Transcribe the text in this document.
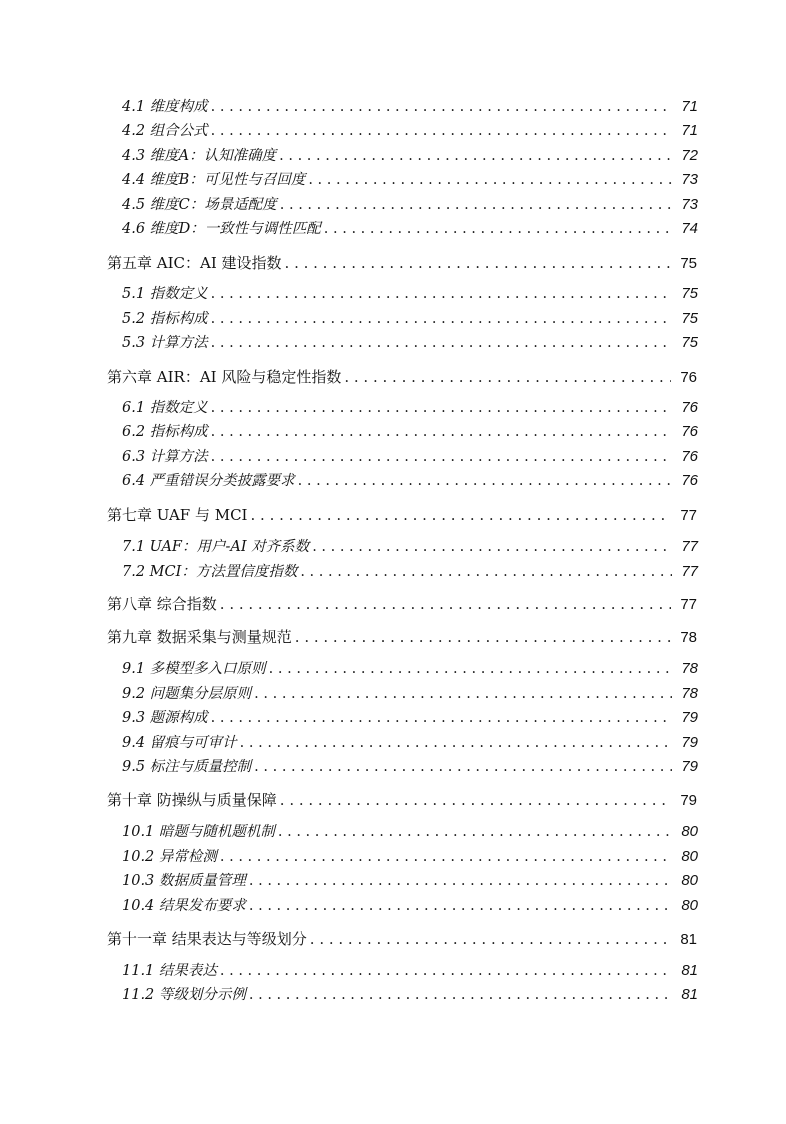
4.1 维度构成 . . .	71
4.2 组合公式 . . .	71
4.3 维度A：认知准确度 . . .	72
4.4 维度B：可见性与召回度 . . .	73
4.5 维度C：场景适配度 . . .	73
4.6 维度D：一致性与调性匹配 . . .	74
第五章 AIC：AI 建设指数 . . .	75
5.1 指数定义 . . .	75
5.2 指标构成 . . .	75
5.3 计算方法 . . .	75
第六章 AIR：AI 风险与稳定性指数 . . .	76
6.1 指数定义 . . .	76
6.2 指标构成 . . .	76
6.3 计算方法 . . .	76
6.4 严重错误分类披露要求 . . .	76
第七章 UAF 与 MCI . . .	77
7.1 UAF：用户-AI 对齐系数 . . .	77
7.2 MCI：方法置信度指数 . . .	77
第八章 综合指数 . . .	77
第九章 数据采集与测量规范 . . .	78
9.1 多模型多入口原则 . . .	78
9.2 问题集分层原则 . . .	78
9.3 题源构成 . . .	79
9.4 留痕与可审计 . . .	79
9.5 标注与质量控制 . . .	79
第十章 防操纵与质量保障 . . .	79
10.1 暗题与随机题机制 . . .	80
10.2 异常检测 . . .	80
10.3 数据质量管理 . . .	80
10.4 结果发布要求 . . .	80
第十一章 结果表达与等级划分 . . .	81
11.1 结果表达 . . .	81
11.2 等级划分示例 . . .	81
